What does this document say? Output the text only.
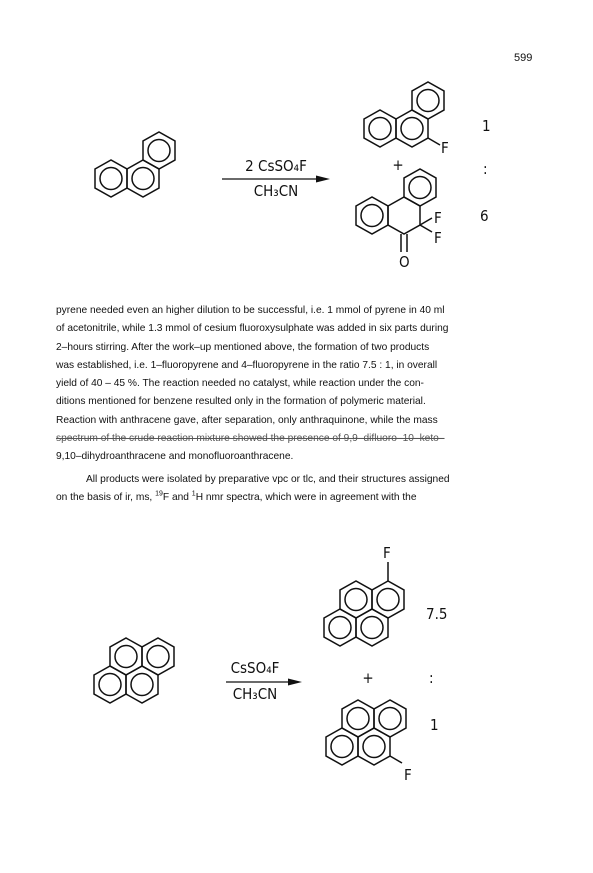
599
2 CsSO₄F
CH₃CN
+
1
:
6
F
F
F
O

pyrene needed even an higher dilution to be successful, i.e. 1 mmol of pyrene in 40 ml
of acetonitrile, while 1.3 mmol of cesium fluoroxysulphate was added in six parts during
2–hours stirring. After the work–up mentioned above, the formation of two products
was established, i.e. 1–fluoropyrene and 4–fluoropyrene in the ratio 7.5 : 1, in overall
yield of 40 – 45 %. The reaction needed no catalyst, while reaction under the con-
ditions mentioned for benzene resulted only in the formation of polymeric material.
Reaction with anthracene gave, after separation, only anthraquinone, while the mass
spectrum of the crude reaction mixture showed the presence of 9,9–difluoro–10–keto–
9,10–dihydroanthracene and monofluoroanthracene.

All products were isolated by preparative vpc or tlc, and their structures assigned
on the basis of ir, ms, $^{19}$F and $^1$H nmr spectra, which were in agreement with the

CsSO₄F
CH₃CN
+
7.5
:
1
F
F
